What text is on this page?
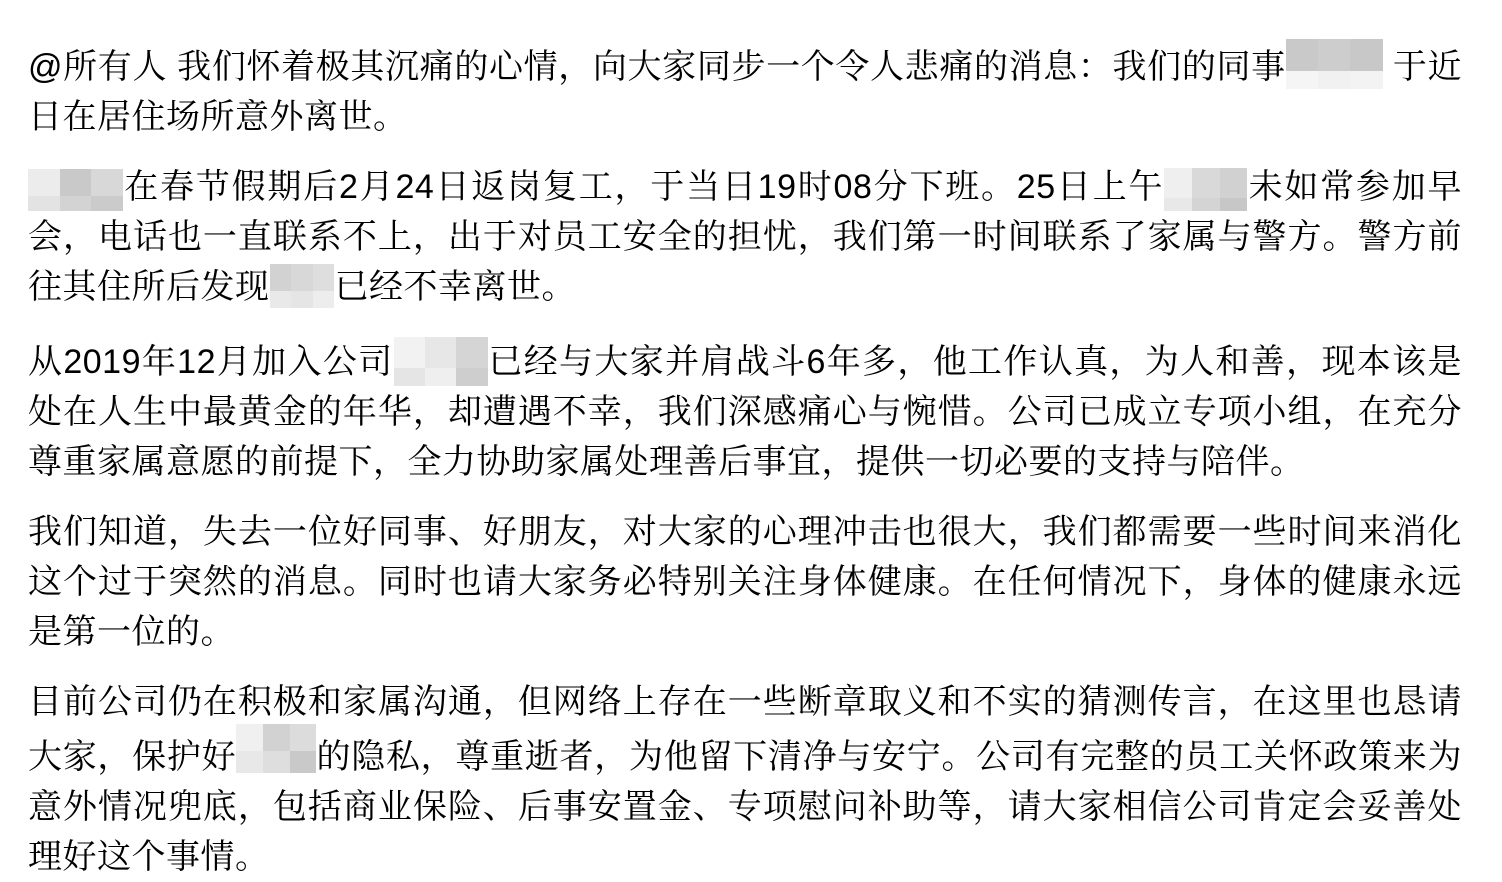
@所有人 我们怀着极其沉痛的心情，向大家同步一个令人悲痛的消息：我们的同事	于近日在居住场所意外离世。

在春节假期后2月24日返岗复工，于当日19时08分下班。25日上午 未如常参加早会，电话也一直联系不上，出于对员工安全的担忧，我们第一时间联系了家属与警方。警方前往其住所后发现 已经不幸离世。

从2019年12月加入公司	已经与大家并肩战斗6年多，他工作认真，为人和善，现本该是处在人生中最黄金的年华，却遭遇不幸，我们深感痛心与惋惜。公司已成立专项小组，在充分尊重家属意愿的前提下，全力协助家属处理善后事宜，提供一切必要的支持与陪伴。

我们知道，失去一位好同事、好朋友，对大家的心理冲击也很大，我们都需要一些时间来消化这个过于突然的消息。同时也请大家务必特别关注身体健康。在任何情况下，身体的健康永远是第一位的。

目前公司仍在积极和家属沟通，但网络上存在一些断章取义和不实的猜测传言，在这里也恳请大家，保护好 的隐私，尊重逝者，为他留下清净与安宁。公司有完整的员工关怀政策来为意外情况兜底，包括商业保险、后事安置金、专项慰问补助等，请大家相信公司肯定会妥善处理好这个事情。
